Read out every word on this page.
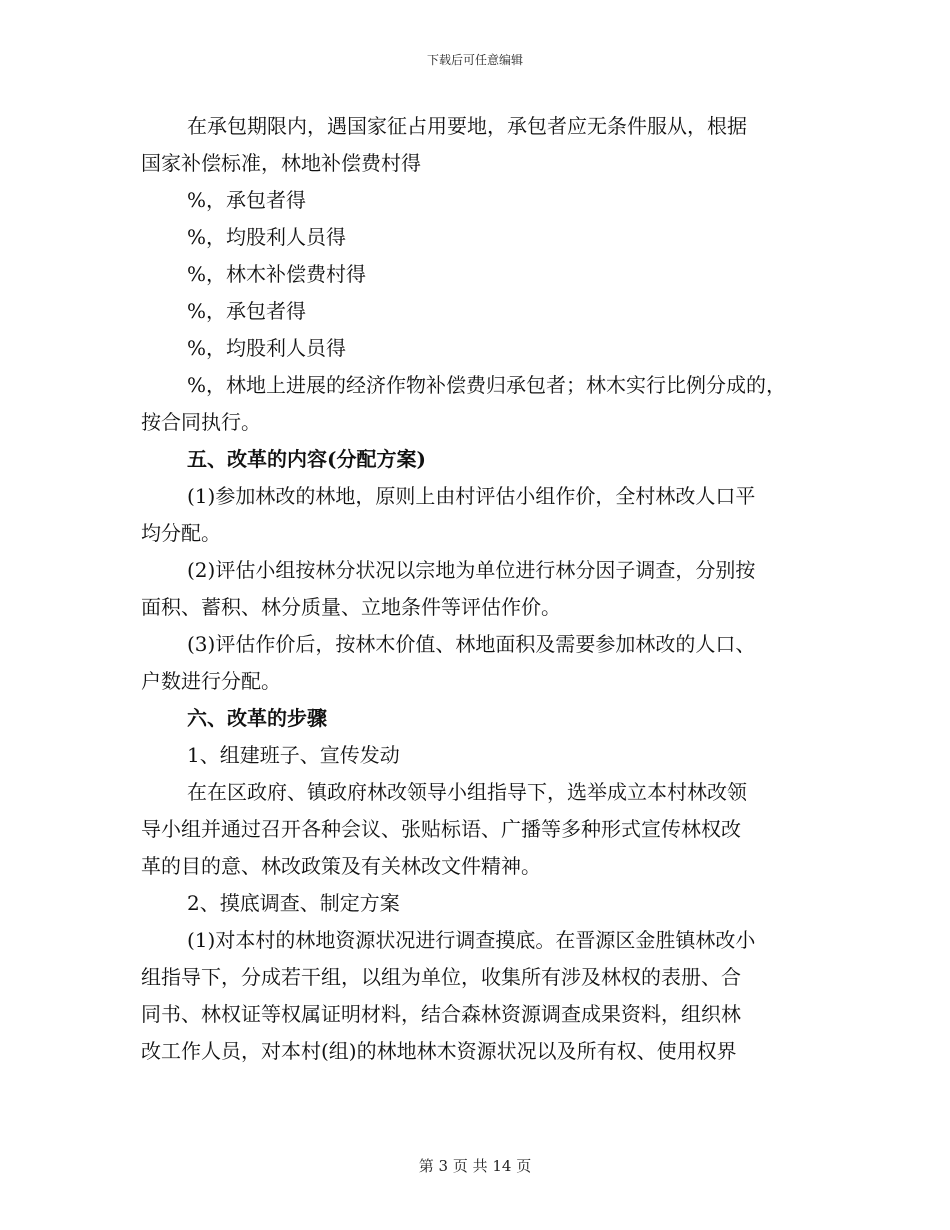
下载后可任意编辑
在承包期限内，遇国家征占用要地，承包者应无条件服从，根据
国家补偿标准，林地补偿费村得
%，承包者得
%，均股利人员得
%，林木补偿费村得
%，承包者得
%，均股利人员得
%，林地上进展的经济作物补偿费归承包者；林木实行比例分成的，
按合同执行。
五、改革的内容(分配方案)
(1)参加林改的林地，原则上由村评估小组作价，全村林改人口平
均分配。
(2)评估小组按林分状况以宗地为单位进行林分因子调查，分别按
面积、蓄积、林分质量、立地条件等评估作价。
(3)评估作价后，按林木价值、林地面积及需要参加林改的人口、
户数进行分配。
六、改革的步骤
1、组建班子、宣传发动
在在区政府、镇政府林改领导小组指导下，选举成立本村林改领
导小组并通过召开各种会议、张贴标语、广播等多种形式宣传林权改
革的目的意、林改政策及有关林改文件精神。
2、摸底调查、制定方案
(1)对本村的林地资源状况进行调查摸底。在晋源区金胜镇林改小
组指导下，分成若干组，以组为单位，收集所有涉及林权的表册、合
同书、林权证等权属证明材料，结合森林资源调查成果资料，组织林
改工作人员，对本村(组)的林地林木资源状况以及所有权、使用权界
第 3 页 共 14 页
